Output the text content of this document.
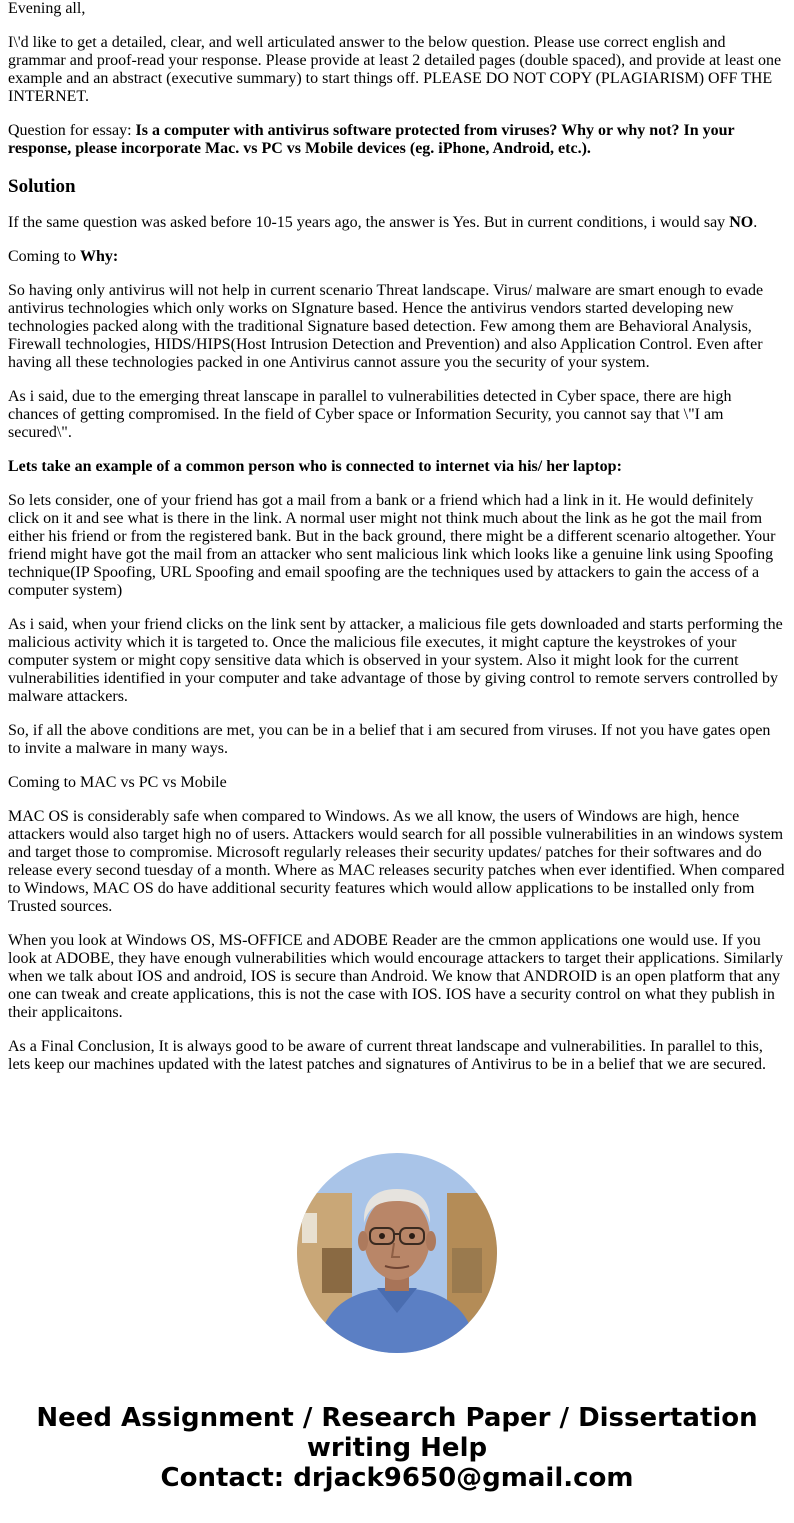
Evening all,

I\'d like to get a detailed, clear, and well articulated answer to the below question. Please use correct english and grammar and proof-read your response. Please provide at least 2 detailed pages (double spaced), and provide at least one example and an abstract (executive summary) to start things off. PLEASE DO NOT COPY (PLAGIARISM) OFF THE INTERNET.

Question for essay: Is a computer with antivirus software protected from viruses? Why or why not? In your response, please incorporate Mac. vs PC vs Mobile devices (eg. iPhone, Android, etc.).

Solution

If the same question was asked before 10-15 years ago, the answer is Yes. But in current conditions, i would say NO.

Coming to Why:

So having only antivirus will not help in current scenario Threat landscape. Virus/ malware are smart enough to evade antivirus technologies which only works on SIgnature based. Hence the antivirus vendors started developing new technologies packed along with the traditional Signature based detection. Few among them are Behavioral Analysis, Firewall technologies, HIDS/HIPS(Host Intrusion Detection and Prevention) and also Application Control. Even after having all these technologies packed in one Antivirus cannot assure you the security of your system.

As i said, due to the emerging threat lanscape in parallel to vulnerabilities detected in Cyber space, there are high chances of getting compromised. In the field of Cyber space or Information Security, you cannot say that \"I am secured\".

Lets take an example of a common person who is connected to internet via his/ her laptop:

So lets consider, one of your friend has got a mail from a bank or a friend which had a link in it. He would definitely click on it and see what is there in the link. A normal user might not think much about the link as he got the mail from either his friend or from the registered bank. But in the back ground, there might be a different scenario altogether. Your friend might have got the mail from an attacker who sent malicious link which looks like a genuine link using Spoofing technique(IP Spoofing, URL Spoofing and email spoofing are the techniques used by attackers to gain the access of a computer system)

As i said, when your friend clicks on the link sent by attacker, a malicious file gets downloaded and starts performing the malicious activity which it is targeted to. Once the malicious file executes, it might capture the keystrokes of your computer system or might copy sensitive data which is observed in your system. Also it might look for the current vulnerabilities identified in your computer and take advantage of those by giving control to remote servers controlled by malware attackers.

So, if all the above conditions are met, you can be in a belief that i am secured from viruses. If not you have gates open to invite a malware in many ways.

Coming to MAC vs PC vs Mobile

MAC OS is considerably safe when compared to Windows. As we all know, the users of Windows are high, hence attackers would also target high no of users. Attackers would search for all possible vulnerabilities in an windows system and target those to compromise. Microsoft regularly releases their security updates/ patches for their softwares and do release every second tuesday of a month. Where as MAC releases security patches when ever identified. When compared to Windows, MAC OS do have additional security features which would allow applications to be installed only from Trusted sources.

When you look at Windows OS, MS-OFFICE and ADOBE Reader are the cmmon applications one would use. If you look at ADOBE, they have enough vulnerabilities which would encourage attackers to target their applications. Similarly when we talk about IOS and android, IOS is secure than Android. We know that ANDROID is an open platform that any one can tweak and create applications, this is not the case with IOS. IOS have a security control on what they publish in their applicaitons.

As a Final Conclusion, It is always good to be aware of current threat landscape and vulnerabilities. In parallel to this, lets keep our machines updated with the latest patches and signatures of Antivirus to be in a belief that we are secured.

Need Assignment / Research Paper / Dissertation
writing Help
Contact: drjack9650@gmail.com
